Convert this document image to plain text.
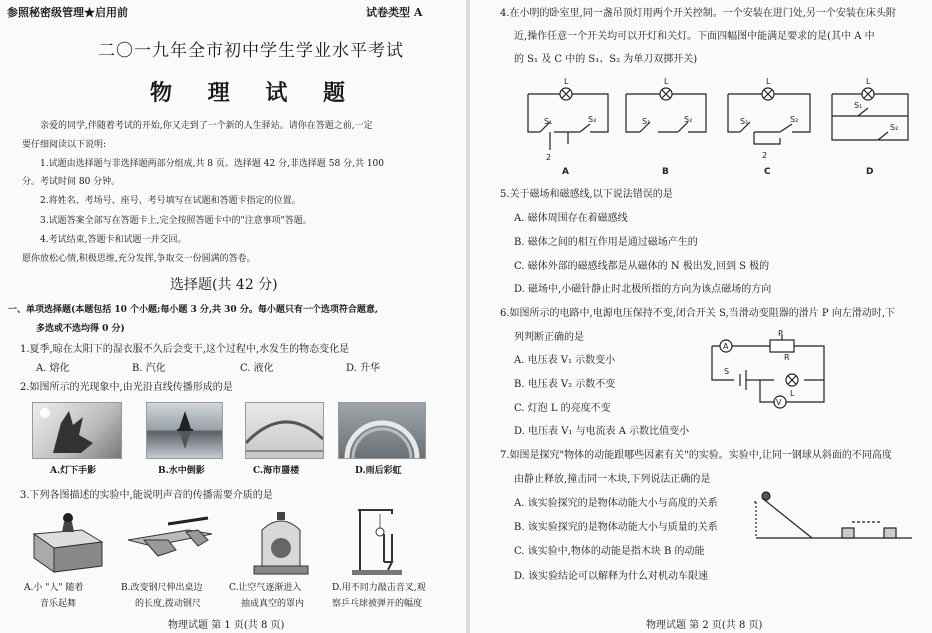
参照秘密级管理★启用前	试卷类型 A
二〇一九年全市初中学生学业水平考试
物 理 试 题
亲爱的同学,伴随着考试的开始,你又走到了一个新的人生驿站。请你在答题之前,一定
要仔细阅读以下说明:
1.试题由选择题与非选择题两部分组成,共 8 页。选择题 42 分,非选择题 58 分,共 100
分。考试时间 80 分钟。
2.将姓名、考场号、座号、考号填写在试题和答题卡指定的位置。
3.试题答案全部写在答题卡上,完全按照答题卡中的"注意事项"答题。
4.考试结束,答题卡和试题一并交回。
愿你放松心情,积极思维,充分发挥,争取交一份圆满的答卷。
选择题(共 42 分)
一、单项选择题(本题包括 10 个小题;每小题 3 分,共 30 分。每小题只有一个选项符合题意,
多选或不选均得 0 分)
1.夏季,晾在太阳下的湿衣服不久后会变干,这个过程中,水发生的物态变化是
A. 熔化	B. 汽化	C. 液化	D. 升华
2.如图所示的光现象中,由光沿直线传播形成的是
A.灯下手影	B.水中倒影	C.海市蜃楼	D.雨后彩虹
3.下列各图描述的实验中,能说明声音的传播需要介质的是
A.小 "人" 随着
音乐起舞
B.改变钢尺伸出桌边
的长度,拨动钢尺
C.让空气逐渐进入
抽成真空的罩内
D.用不同力敲击音叉,观
察乒乓球被弹开的幅度
物理试题 第 1 页(共 8 页)
4.在小明的卧室里,同一盏吊顶灯用两个开关控制。一个安装在进门处,另一个安装在床头附
近,操作任意一个开关均可以开灯和关灯。下面四幅图中能满足要求的是(其中 A 中
的 S₁ 及 C 中的 S₁、S₂ 为单刀双掷开关)
L	L	L	L
S₁	S₂
2
S₁	S₂	S₁	S₂
2
S₁
S₂
A	B	C	D
5.关于磁场和磁感线,以下说法错误的是
A. 磁体周围存在着磁感线
B. 磁体之间的相互作用是通过磁场产生的
C. 磁体外部的磁感线都是从磁体的 N 极出发,回到 S 极的
D. 磁场中,小磁针静止时北极所指的方向为该点磁场的方向
6.如图所示的电路中,电源电压保持不变,闭合开关 S,当滑动变阻器的滑片 P 向左滑动时,下
列判断正确的是
A. 电压表 V₁ 示数变小
B. 电压表 V₂ 示数不变
C. 灯泡 L 的亮度不变
D. 电压表 V₁ 与电流表 A 示数比值变小
A
P
R
S
L
V
7.如图是探究"物体的动能跟哪些因素有关"的实验。实验中,让同一钢球从斜面的不同高度
由静止释放,撞击同一木块,下列说法正确的是
A. 该实验探究的是物体动能大小与高度的关系
B. 该实验探究的是物体动能大小与质量的关系
C. 该实验中,物体的动能是指木块 B 的动能
D. 该实验结论可以解释为什么对机动车限速
物理试题 第 2 页(共 8 页)
